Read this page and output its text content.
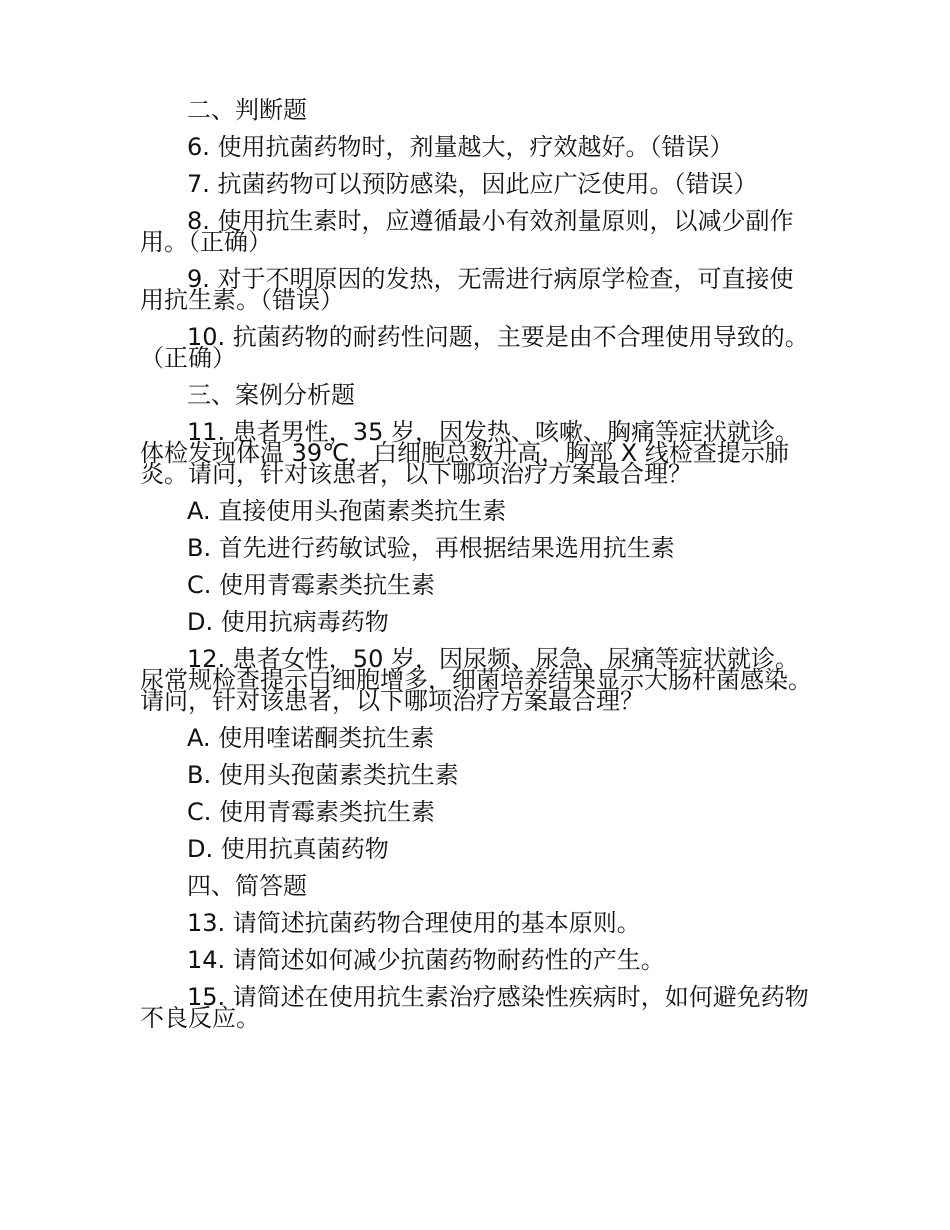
二、判断题

6. 使用抗菌药物时，剂量越大，疗效越好。（错误）

7. 抗菌药物可以预防感染，因此应广泛使用。（错误）

8. 使用抗生素时，应遵循最小有效剂量原则，以减少副作用。（正确）

9. 对于不明原因的发热，无需进行病原学检查，可直接使用抗生素。（错误）

10. 抗菌药物的耐药性问题，主要是由不合理使用导致的。（正确）

三、案例分析题

11. 患者男性，35 岁，因发热、咳嗽、胸痛等症状就诊。体检发现体温 39℃，白细胞总数升高，胸部 X 线检查提示肺炎。请问，针对该患者，以下哪项治疗方案最合理？

A. 直接使用头孢菌素类抗生素

B. 首先进行药敏试验，再根据结果选用抗生素

C. 使用青霉素类抗生素

D. 使用抗病毒药物

12. 患者女性，50 岁，因尿频、尿急、尿痛等症状就诊。尿常规检查提示白细胞增多，细菌培养结果显示大肠杆菌感染。请问，针对该患者，以下哪项治疗方案最合理？

A. 使用喹诺酮类抗生素

B. 使用头孢菌素类抗生素

C. 使用青霉素类抗生素

D. 使用抗真菌药物

四、简答题

13. 请简述抗菌药物合理使用的基本原则。

14. 请简述如何减少抗菌药物耐药性的产生。

15. 请简述在使用抗生素治疗感染性疾病时，如何避免药物不良反应。
